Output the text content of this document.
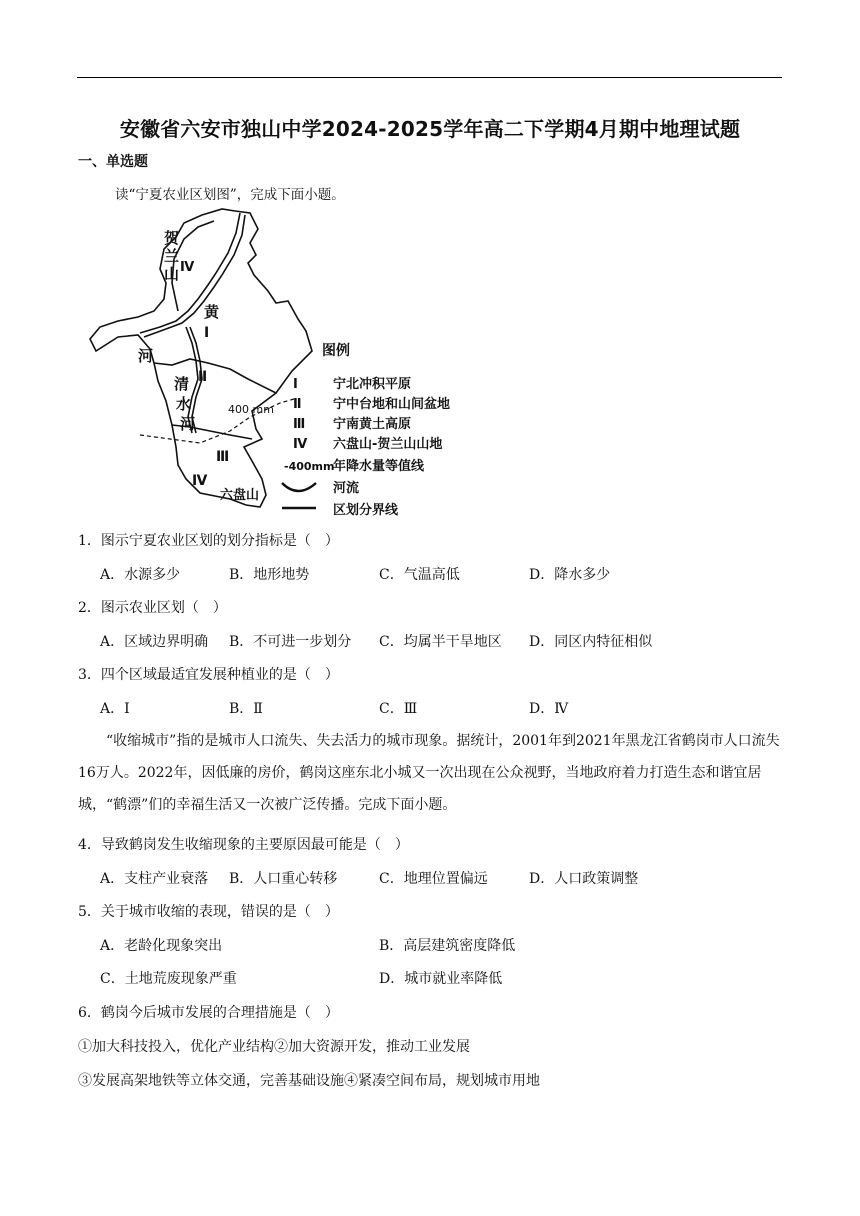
安徽省六安市独山中学2024-2025学年高二下学期4月期中地理试题
一、单选题
读“宁夏农业区划图”，完成下面小题。
贺
兰
山
黄
河
清
水
河
Ⅳ
Ⅰ
Ⅱ
Ⅲ
Ⅳ
400 mm
六盘山
图例
Ⅰ	宁北冲积平原
Ⅱ 宁中台地和山间盆地
Ⅲ 宁南黄土高原
Ⅳ 六盘山-贺兰山山地
-400mm
年降水量等值线
河流
区划分界线
1．图示宁夏农业区划的划分指标是（　）
A．水源多少	B．地形地势	C．气温高低	D．降水多少
2．图示农业区划（　）
A．区域边界明确 B．不可进一步划分 C．均属半干旱地区 D．同区内特征相似
3．四个区域最适宜发展种植业的是（　）
A．Ⅰ	B．Ⅱ	C．Ⅲ	D．Ⅳ
“收缩城市”指的是城市人口流失、失去活力的城市现象。据统计，2001年到2021年黑龙江省鹤岗市人口流失16万人。2022年，因低廉的房价，鹤岗这座东北小城又一次出现在公众视野，当地政府着力打造生态和谐宜居城，“鹤漂”们的幸福生活又一次被广泛传播。完成下面小题。
4．导致鹤岗发生收缩现象的主要原因最可能是（　）
A．支柱产业衰落 B．人口重心转移	C．地理位置偏远	D．人口政策调整
5．关于城市收缩的表现，错误的是（　）
A．老龄化现象突出	B．高层建筑密度降低
C．土地荒废现象严重	D．城市就业率降低
6．鹤岗今后城市发展的合理措施是（　）
①加大科技投入，优化产业结构②加大资源开发，推动工业发展
③发展高架地铁等立体交通，完善基础设施④紧凑空间布局，规划城市用地
